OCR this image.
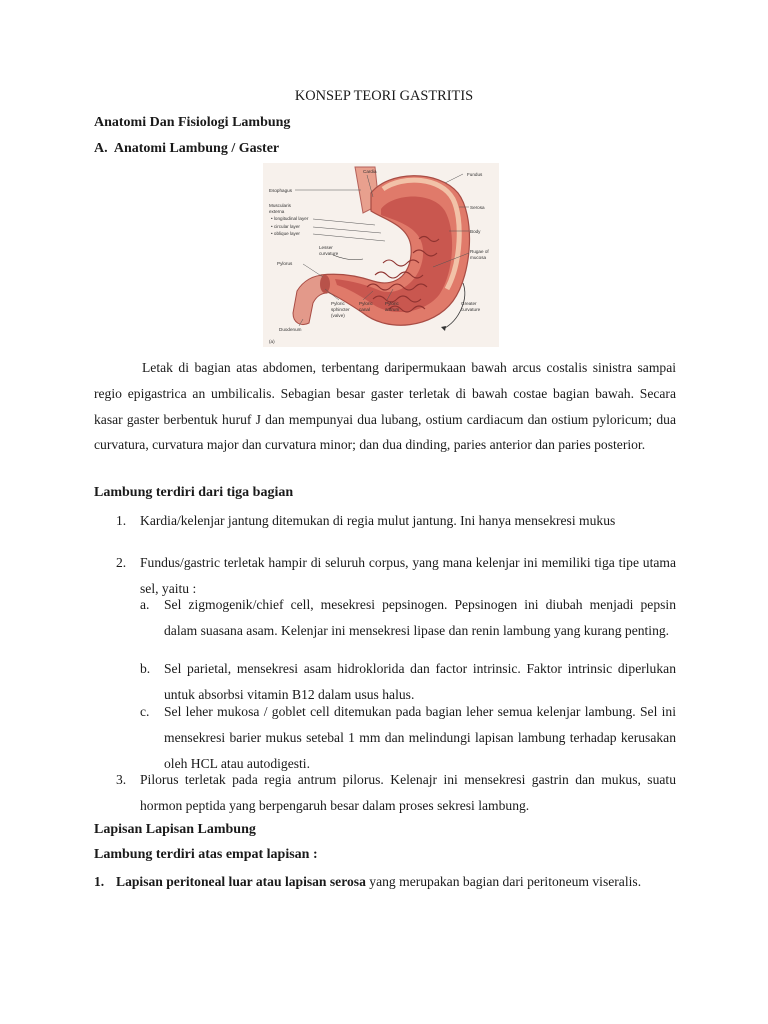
KONSEP TEORI GASTRITIS

Anatomi Dan Fisiologi Lambung

A. Anatomi Lambung / Gaster

Cardia
Fundus
Esophagus
Muscularis
externa
• longitudinal layer
• circular layer
• oblique layer
Serosa
Body
Lesser
curvature
Pylorus
Rugae of
mucosa
Greater
curvature
Duodenum
Pyloric
sphincter
(valve)
Pyloric
canal
Pyloric
antrum
(a)

Letak di bagian atas abdomen, terbentang daripermukaan bawah arcus costalis sinistra sampai regio epigastrica an umbilicalis. Sebagian besar gaster terletak di bawah costae bagian bawah. Secara kasar gaster berbentuk huruf J dan mempunyai dua lubang, ostium cardiacum dan ostium pyloricum; dua curvatura, curvatura major dan curvatura minor; dan dua dinding, paries anterior dan paries posterior.

Lambung terdiri dari tiga bagian

1.	Kardia/kelenjar jantung ditemukan di regia mulut jantung. Ini hanya mensekresi mukus
2.	Fundus/gastric terletak hampir di seluruh corpus, yang mana kelenjar ini memiliki tiga tipe utama sel, yaitu :
a.	Sel zigmogenik/chief cell, mesekresi pepsinogen. Pepsinogen ini diubah menjadi pepsin dalam suasana asam. Kelenjar ini mensekresi lipase dan renin lambung yang kurang penting.
b.	Sel parietal, mensekresi asam hidroklorida dan factor intrinsic. Faktor intrinsic diperlukan untuk absorbsi vitamin B12 dalam usus halus.
c.	Sel leher mukosa / goblet cell ditemukan pada bagian leher semua kelenjar lambung. Sel ini mensekresi barier mukus setebal 1 mm dan melindungi lapisan lambung terhadap kerusakan oleh HCL atau autodigesti.
3.	Pilorus terletak pada regia antrum pilorus. Kelenajr ini mensekresi gastrin dan mukus, suatu hormon peptida yang berpengaruh besar dalam proses sekresi lambung.

Lapisan Lapisan Lambung

Lambung terdiri atas empat lapisan :

1. Lapisan peritoneal luar atau lapisan serosa yang merupakan bagian dari peritoneum viseralis.
